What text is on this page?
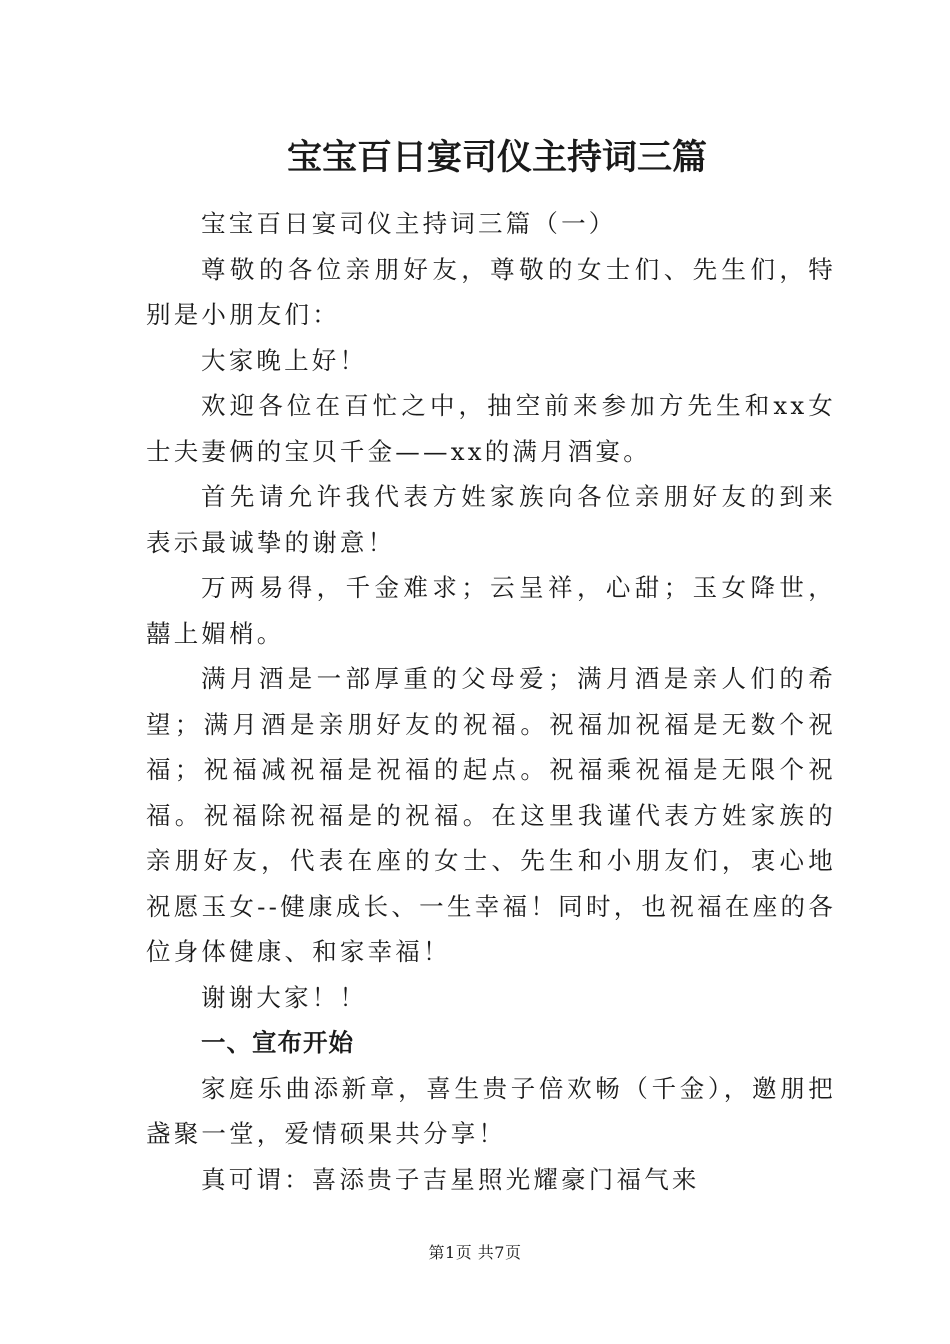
宝宝百日宴司仪主持词三篇

宝宝百日宴司仪主持词三篇（一）

尊敬的各位亲朋好友，尊敬的女士们、先生们，特别是小朋友们：

大家晚上好！

欢迎各位在百忙之中，抽空前来参加方先生和xx女士夫妻俩的宝贝千金——xx的满月酒宴。

首先请允许我代表方姓家族向各位亲朋好友的到来表示最诚挚的谢意！

万两易得，千金难求；云呈祥，心甜；玉女降世，囍上媚梢。

满月酒是一部厚重的父母爱；满月酒是亲人们的希望；满月酒是亲朋好友的祝福。祝福加祝福是无数个祝福；祝福减祝福是祝福的起点。祝福乘祝福是无限个祝福。祝福除祝福是的祝福。在这里我谨代表方姓家族的亲朋好友，代表在座的女士、先生和小朋友们，衷心地祝愿玉女--健康成长、一生幸福！同时，也祝福在座的各位身体健康、和家幸福！

谢谢大家！！

一、宣布开始

家庭乐曲添新章，喜生贵子倍欢畅（千金），邀朋把盏聚一堂，爱情硕果共分享！

真可谓：喜添贵子吉星照光耀豪门福气来

第1页 共7页
